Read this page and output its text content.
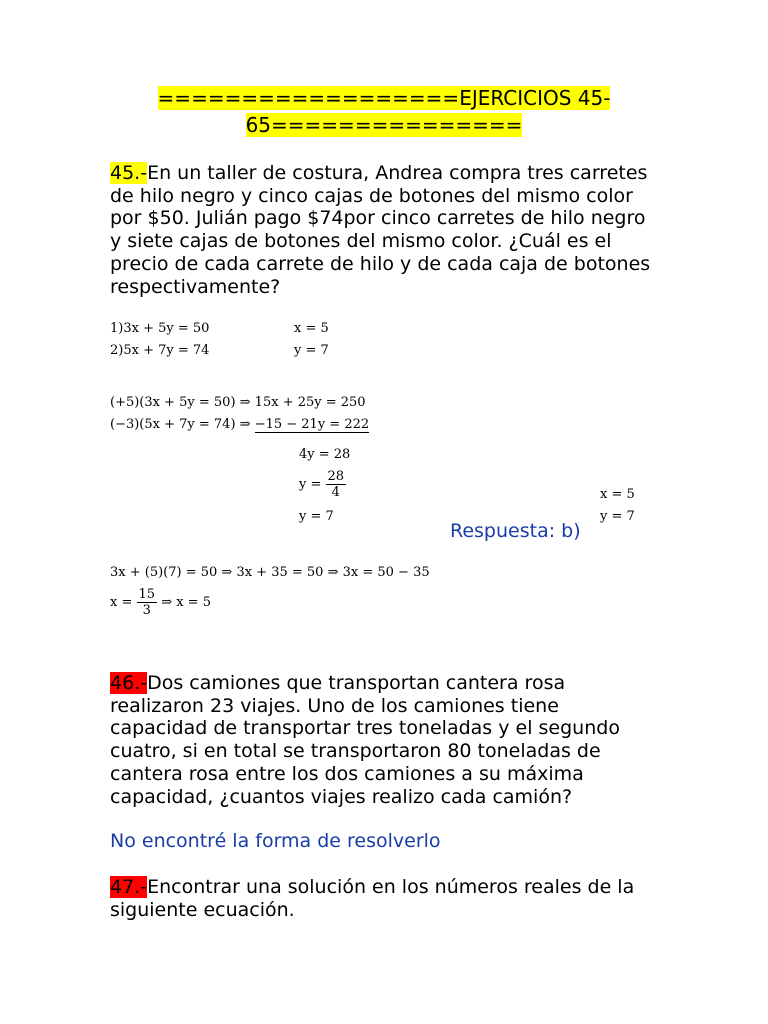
==================EJERCICIOS 45-
65===============

45.-En un taller de costura, Andrea compra tres carretes de hilo negro y cinco cajas de botones del mismo color por $50. Julián pago $74por cinco carretes de hilo negro y siete cajas de botones del mismo color. ¿Cuál es el precio de cada carrete de hilo y de cada caja de botones respectivamente?

1)3x + 5y = 50
2)5x + 7y = 74
x = 5
y = 7
(+5)(3x + 5y = 50) ⇒ 15x + 25y = 250
(−3)(5x + 7y = 74) ⇒ −15 − 21y = 222
4y = 28
$y = \frac{28}{4}$
y = 7
x = 5
y = 7
Respuesta: b)
3x + (5)(7) = 50 ⇒ 3x + 35 = 50 ⇒ 3x = 50 − 35
$x = \frac{15}{3}$ ⇒ x = 5

46.-Dos camiones que transportan cantera rosa realizaron 23 viajes. Uno de los camiones tiene capacidad de transportar tres toneladas y el segundo cuatro, si en total se transportaron 80 toneladas de cantera rosa entre los dos camiones a su máxima capacidad, ¿cuantos viajes realizo cada camión?

No encontré la forma de resolverlo

47.-Encontrar una solución en los números reales de la siguiente ecuación.
